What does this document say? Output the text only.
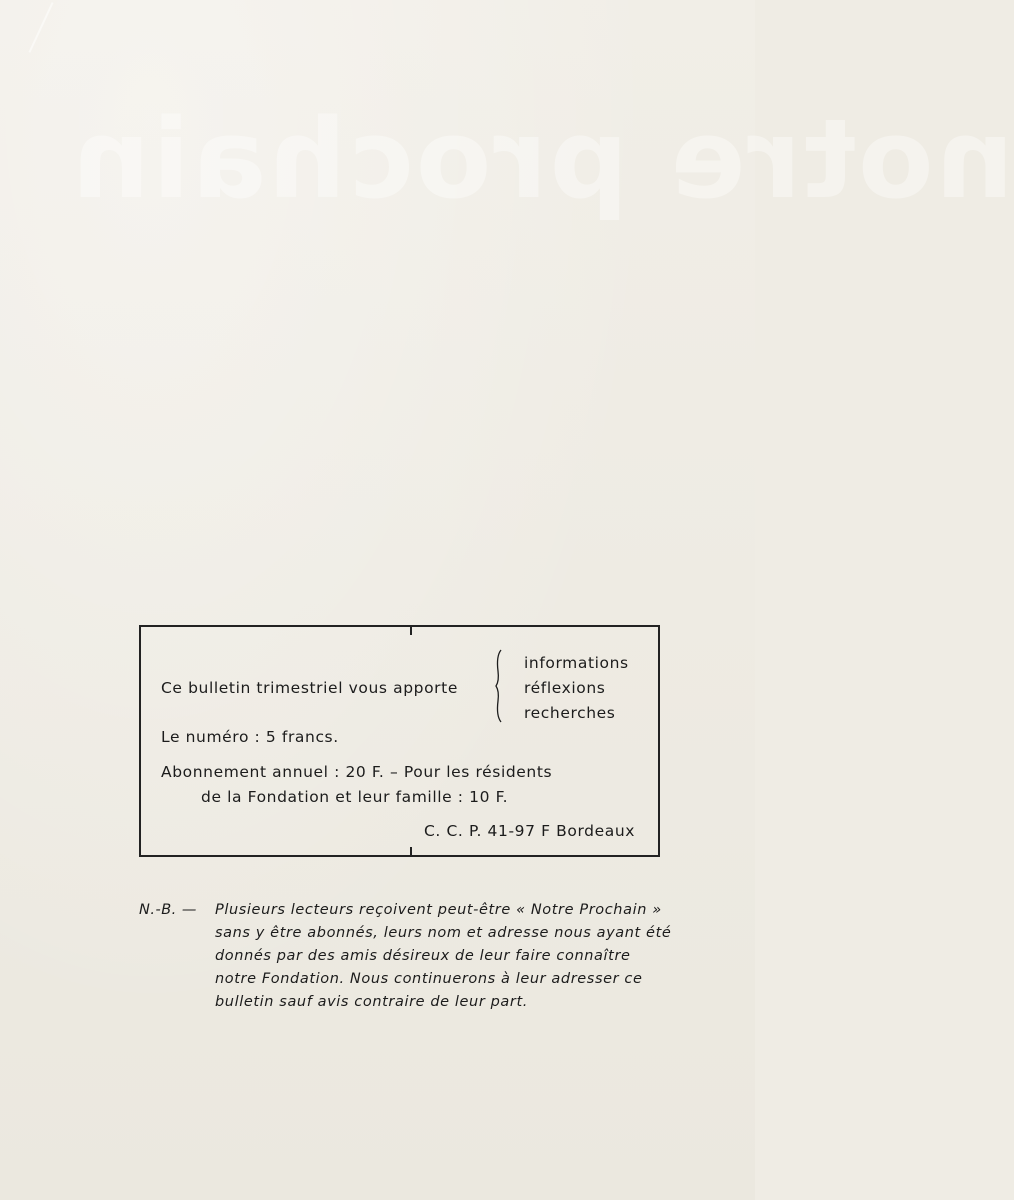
notre prochain
Ce bulletin trimestriel vous apporte
informations
réflexions
recherches
Le numéro : 5 francs.
Abonnement annuel : 20 F. – Pour les résidents
de la Fondation et leur famille : 10 F.
C. C. P. 41-97 F Bordeaux
N.-B. — Plusieurs lecteurs reçoivent peut-être « Notre Prochain »
sans y être abonnés, leurs nom et adresse nous ayant été
donnés par des amis désireux de leur faire connaître
notre Fondation. Nous continuerons à leur adresser ce
bulletin sauf avis contraire de leur part.
